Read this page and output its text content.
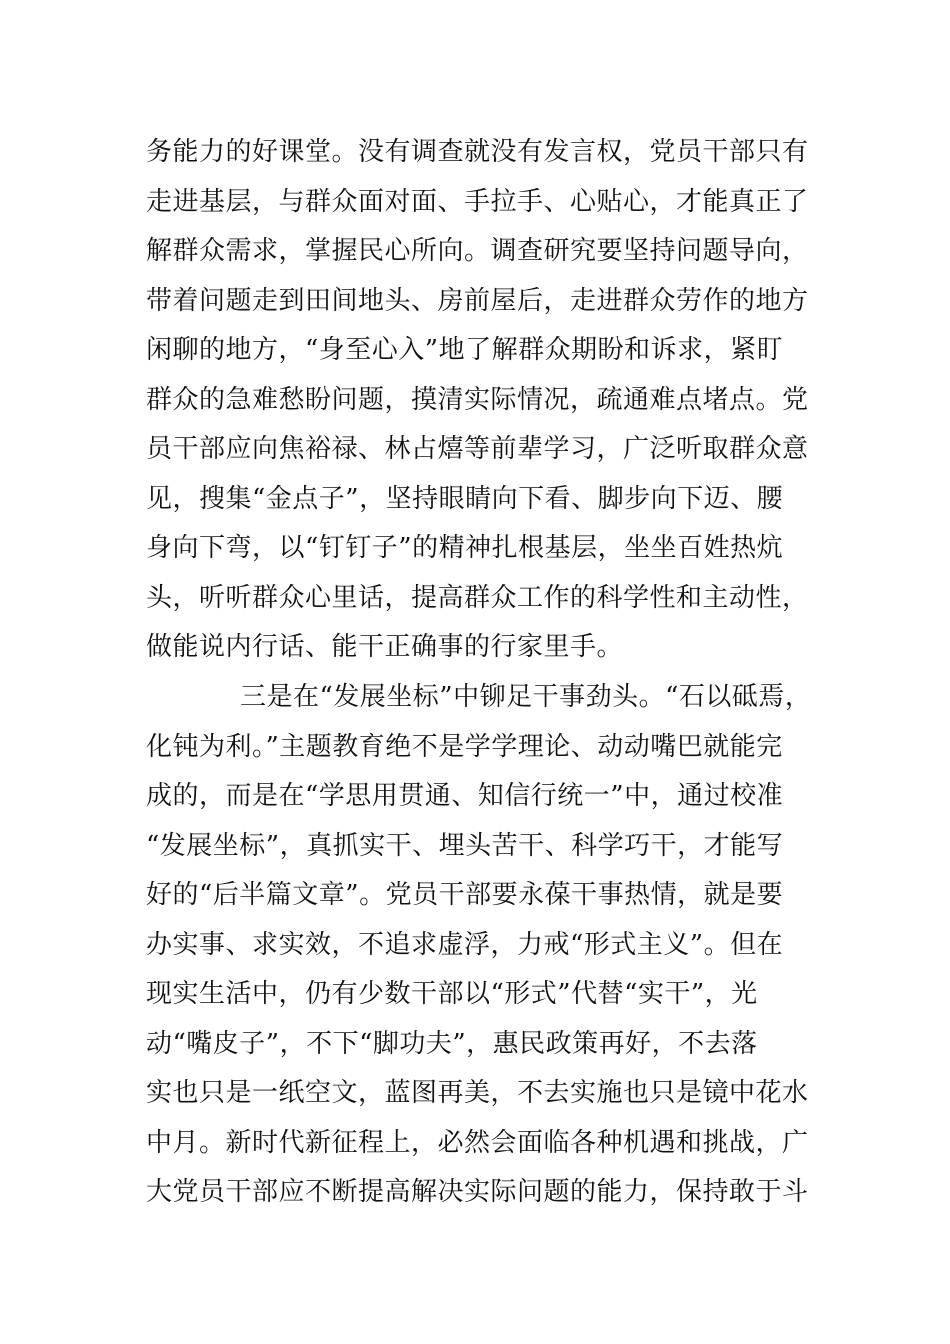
务能力的好课堂。没有调查就没有发言权，党员干部只有
走进基层，与群众面对面、手拉手、心贴心，才能真正了
解群众需求，掌握民心所向。调查研究要坚持问题导向，
带着问题走到田间地头、房前屋后，走进群众劳作的地方
闲聊的地方，“身至心入”地了解群众期盼和诉求，紧盯
群众的急难愁盼问题，摸清实际情况，疏通难点堵点。党
员干部应向焦裕禄、林占熺等前辈学习，广泛听取群众意
见，搜集“金点子”，坚持眼睛向下看、脚步向下迈、腰
身向下弯，以“钉钉子”的精神扎根基层，坐坐百姓热炕
头，听听群众心里话，提高群众工作的科学性和主动性，
做能说内行话、能干正确事的行家里手。
三是在“发展坐标”中铆足干事劲头。“石以砥焉，
化钝为利。”主题教育绝不是学学理论、动动嘴巴就能完
成的，而是在“学思用贯通、知信行统一”中，通过校准
“发展坐标”，真抓实干、埋头苦干、科学巧干，才能写
好的“后半篇文章”。党员干部要永葆干事热情，就是要
办实事、求实效，不追求虚浮，力戒“形式主义”。但在
现实生活中，仍有少数干部以“形式”代替“实干”，光
动“嘴皮子”，不下“脚功夫”，惠民政策再好，不去落
实也只是一纸空文，蓝图再美，不去实施也只是镜中花水
中月。新时代新征程上，必然会面临各种机遇和挑战，广
大党员干部应不断提高解决实际问题的能力，保持敢于斗
